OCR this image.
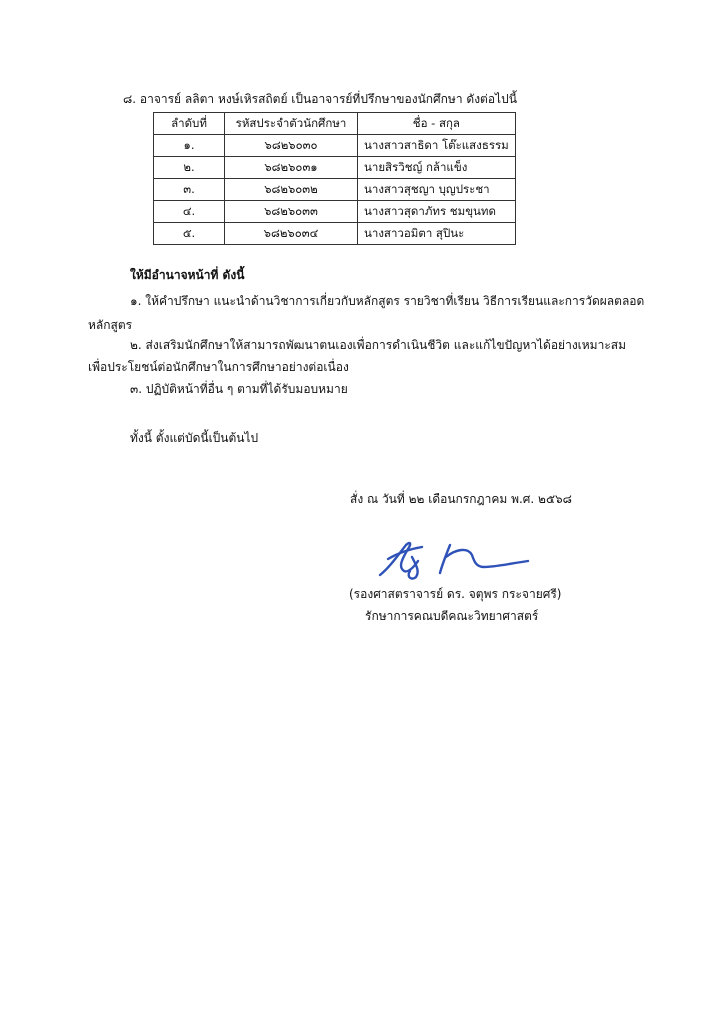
๘. อาจารย์ ลลิตา หงษ์เหิรสถิตย์ เป็นอาจารย์ที่ปรึกษาของนักศึกษา ดังต่อไปนี้
ลำดับที่	รหัสประจำตัวนักศึกษา	ชื่อ - สกุล
๑.	๖๘๒๖๐๓๐	นางสาวสาธิดา โต๊ะแสงธรรม
๒.	๖๘๒๖๐๓๑	นายสิรวิชญ์ กล้าแข็ง
๓.	๖๘๒๖๐๓๒	นางสาวสุชญา บุญประชา
๔.	๖๘๒๖๐๓๓	นางสาวสุดาภัทร ชมขุนทด
๕.	๖๘๒๖๐๓๔	นางสาวอมิตา สุปินะ
ให้มีอำนาจหน้าที่ ดังนี้
๑. ให้คำปรึกษา แนะนำด้านวิชาการเกี่ยวกับหลักสูตร รายวิชาที่เรียน วิธีการเรียนและการวัดผลตลอด
หลักสูตร
๒. ส่งเสริมนักศึกษาให้สามารถพัฒนาตนเองเพื่อการดำเนินชีวิต และแก้ไขปัญหาได้อย่างเหมาะสม
เพื่อประโยชน์ต่อนักศึกษาในการศึกษาอย่างต่อเนื่อง
๓. ปฏิบัติหน้าที่อื่น ๆ ตามที่ได้รับมอบหมาย
ทั้งนี้ ตั้งแต่บัดนี้เป็นต้นไป
สั่ง ณ วันที่ ๒๒ เดือนกรกฎาคม พ.ศ. ๒๕๖๘
(รองศาสตราจารย์ ดร. จตุพร กระจายศรี)
รักษาการคณบดีคณะวิทยาศาสตร์
